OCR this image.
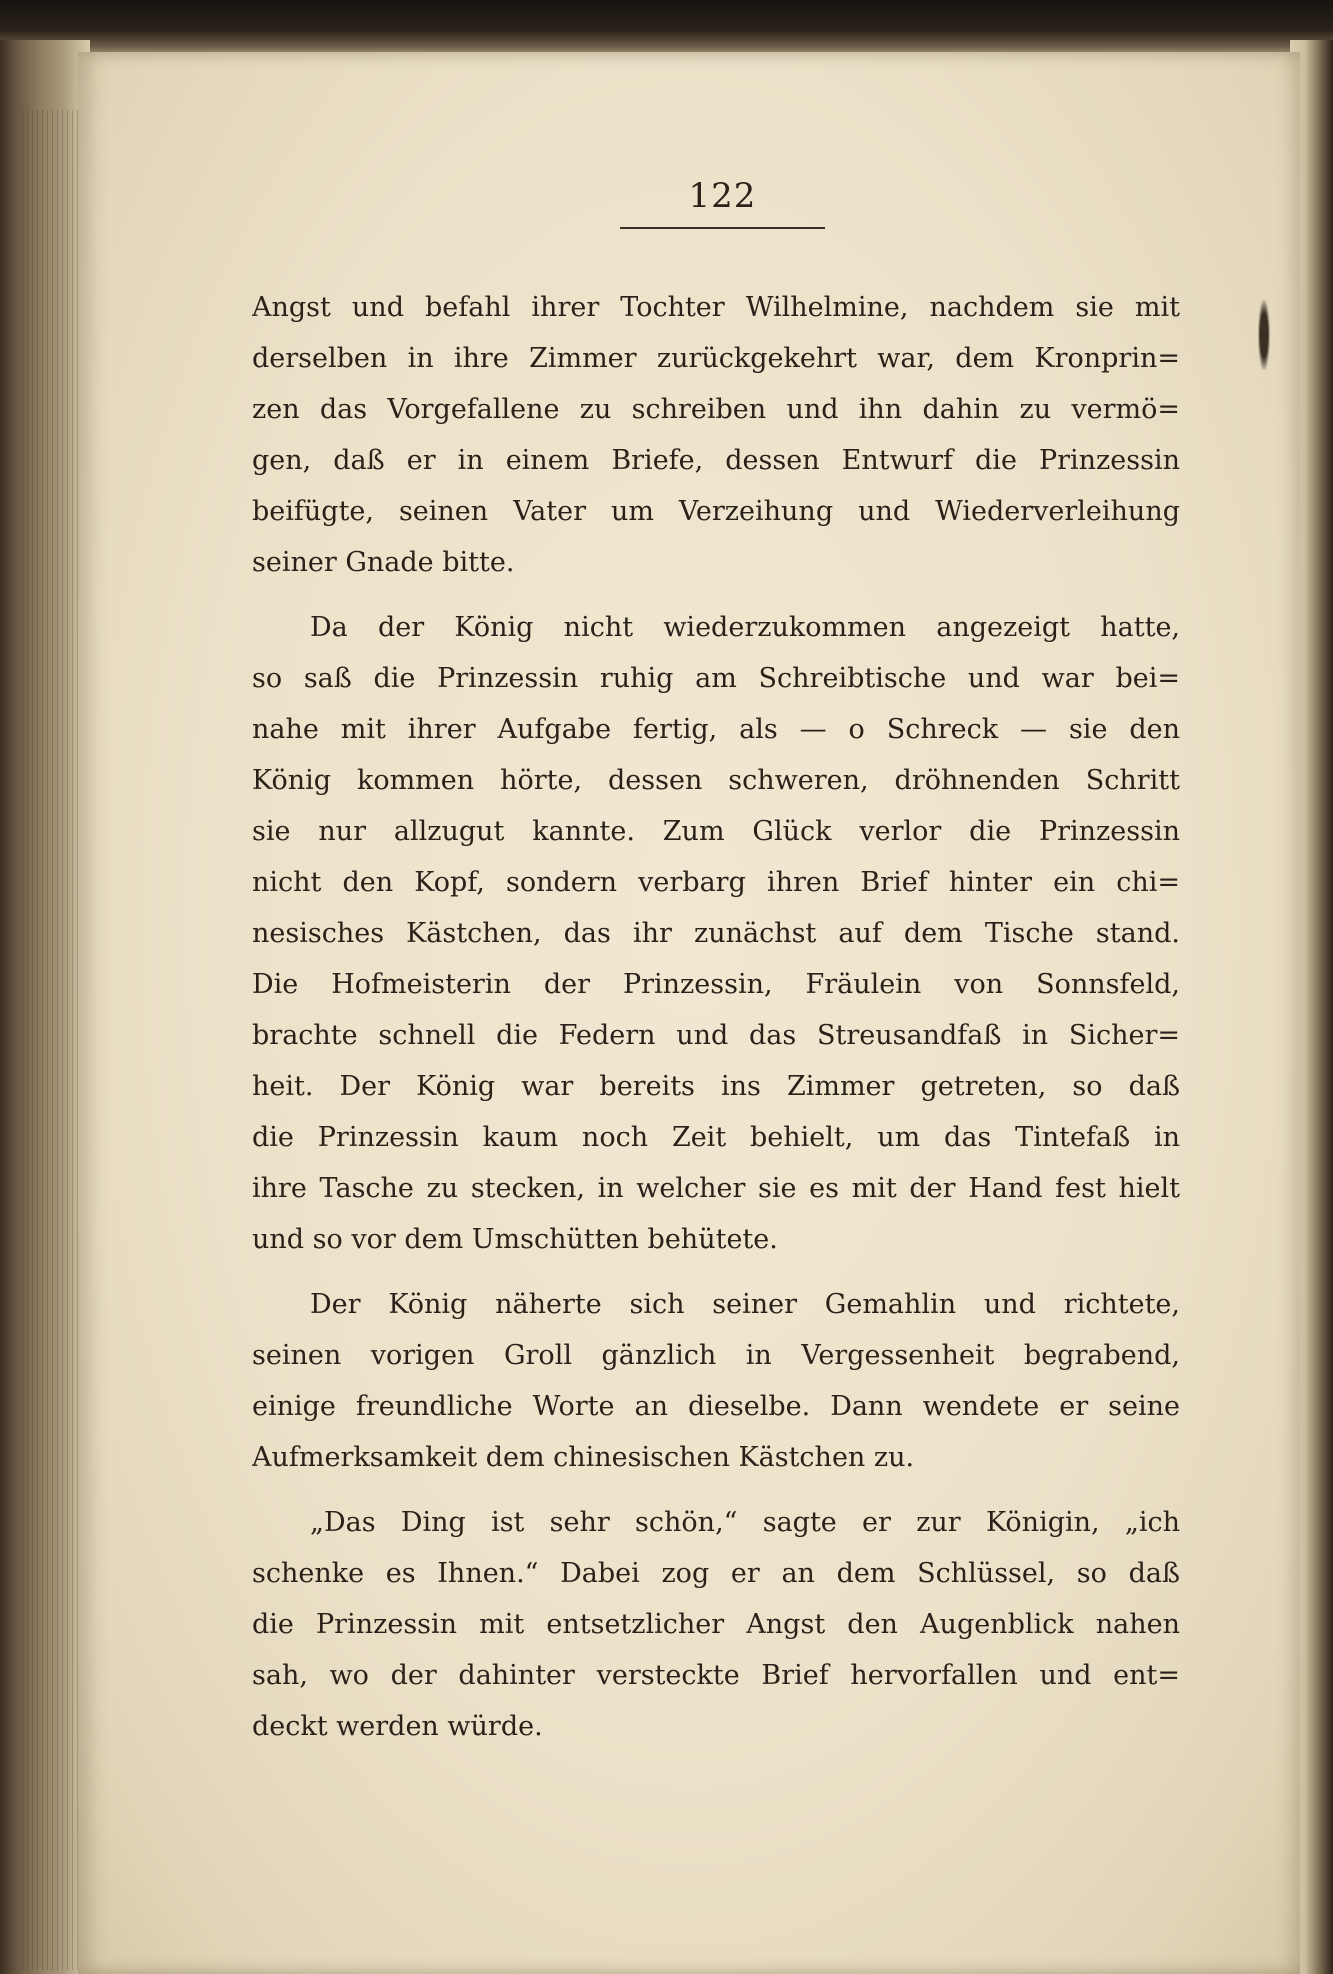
122
Angst und befahl ihrer Tochter Wilhelmine, nachdem sie mit
derselben in ihre Zimmer zurückgekehrt war, dem Kronprin=
zen das Vorgefallene zu schreiben und ihn dahin zu vermö=
gen, daß er in einem Briefe, dessen Entwurf die Prinzessin
beifügte, seinen Vater um Verzeihung und Wiederverleihung
seiner Gnade bitte.
Da der König nicht wiederzukommen angezeigt hatte,
so saß die Prinzessin ruhig am Schreibtische und war bei=
nahe mit ihrer Aufgabe fertig, als — o Schreck — sie den
König kommen hörte, dessen schweren, dröhnenden Schritt
sie nur allzugut kannte. Zum Glück verlor die Prinzessin
nicht den Kopf, sondern verbarg ihren Brief hinter ein chi=
nesisches Kästchen, das ihr zunächst auf dem Tische stand.
Die Hofmeisterin der Prinzessin, Fräulein von Sonnsfeld,
brachte schnell die Federn und das Streusandfaß in Sicher=
heit. Der König war bereits ins Zimmer getreten, so daß
die Prinzessin kaum noch Zeit behielt, um das Tintefaß in
ihre Tasche zu stecken, in welcher sie es mit der Hand fest hielt
und so vor dem Umschütten behütete.
Der König näherte sich seiner Gemahlin und richtete,
seinen vorigen Groll gänzlich in Vergessenheit begrabend,
einige freundliche Worte an dieselbe. Dann wendete er seine
Aufmerksamkeit dem chinesischen Kästchen zu.
„Das Ding ist sehr schön,“ sagte er zur Königin, „ich
schenke es Ihnen.“ Dabei zog er an dem Schlüssel, so daß
die Prinzessin mit entsetzlicher Angst den Augenblick nahen
sah, wo der dahinter versteckte Brief hervorfallen und ent=
deckt werden würde.
